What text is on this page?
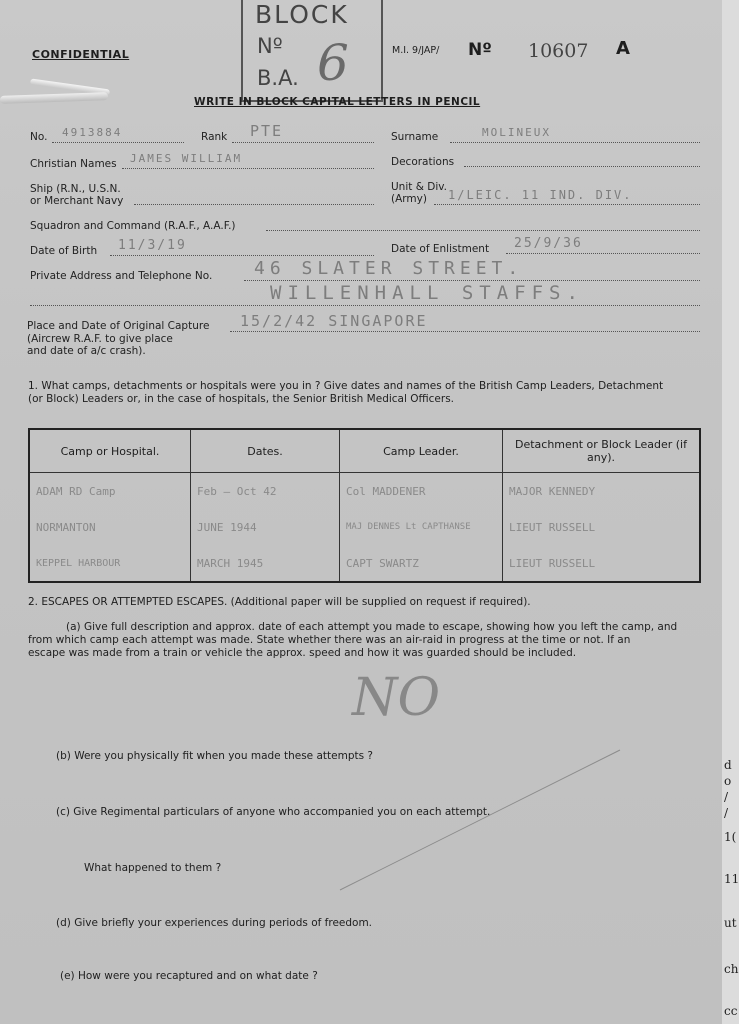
CONFIDENTIAL
BLOCK
Nº
B.A. 6	M.I. 9/JAP/ Nº 10607 A
WRITE IN BLOCK CAPITAL LETTERS IN PENCIL
No. 4913884	Rank PTE	Surname	MOLINEUX
Christian Names JAMES WILLIAM	Decorations
Ship (R.N., U.S.N.
or Merchant Navy
Unit & Div.
(Army)	1/LEIC. 11 IND. DIV.
Squadron and Command (R.A.F., A.A.F.)
Date of Birth 11/3/19	Date of Enlistment 25/9/36
Private Address and Telephone No. 46 SLATER STREET.
WILLENHALL STAFFS.
Place and Date of Original Capture
(Aircrew R.A.F. to give place
and date of a/c crash).
15/2/42 SINGAPORE
1. What camps, detachments or hospitals were you in ? Give dates and names of the British Camp Leaders, Detachment
(or Block) Leaders or, in the case of hospitals, the Senior British Medical Officers.
Camp or Hospital.	Dates.	Camp Leader.	Detachment or Block Leader (if any).
ADAM RD Camp	Feb – Oct 42	Col MADDENER	MAJOR KENNEDY
NORMANTON	JUNE 1944	MAJ DENNES Lt CAPTHANSE	LIEUT RUSSELL
KEPPEL HARBOUR	MARCH 1945	CAPT SWARTZ	LIEUT RUSSELL
2. ESCAPES OR ATTEMPTED ESCAPES. (Additional paper will be supplied on request if required).
(a) Give full description and approx. date of each attempt you made to escape, showing how you left the camp, and
from which camp each attempt was made. State whether there was an air-raid in progress at the time or not. If an
escape was made from a train or vehicle the approx. speed and how it was guarded should be included.
NO
(b) Were you physically fit when you made these attempts ?
(c) Give Regimental particulars of anyone who accompanied you on each attempt.
What happened to them ?
(d) Give briefly your experiences during periods of freedom.
(e) How were you recaptured and on what date ?
d
o
/
/
1(
11
ut
ch
cc
